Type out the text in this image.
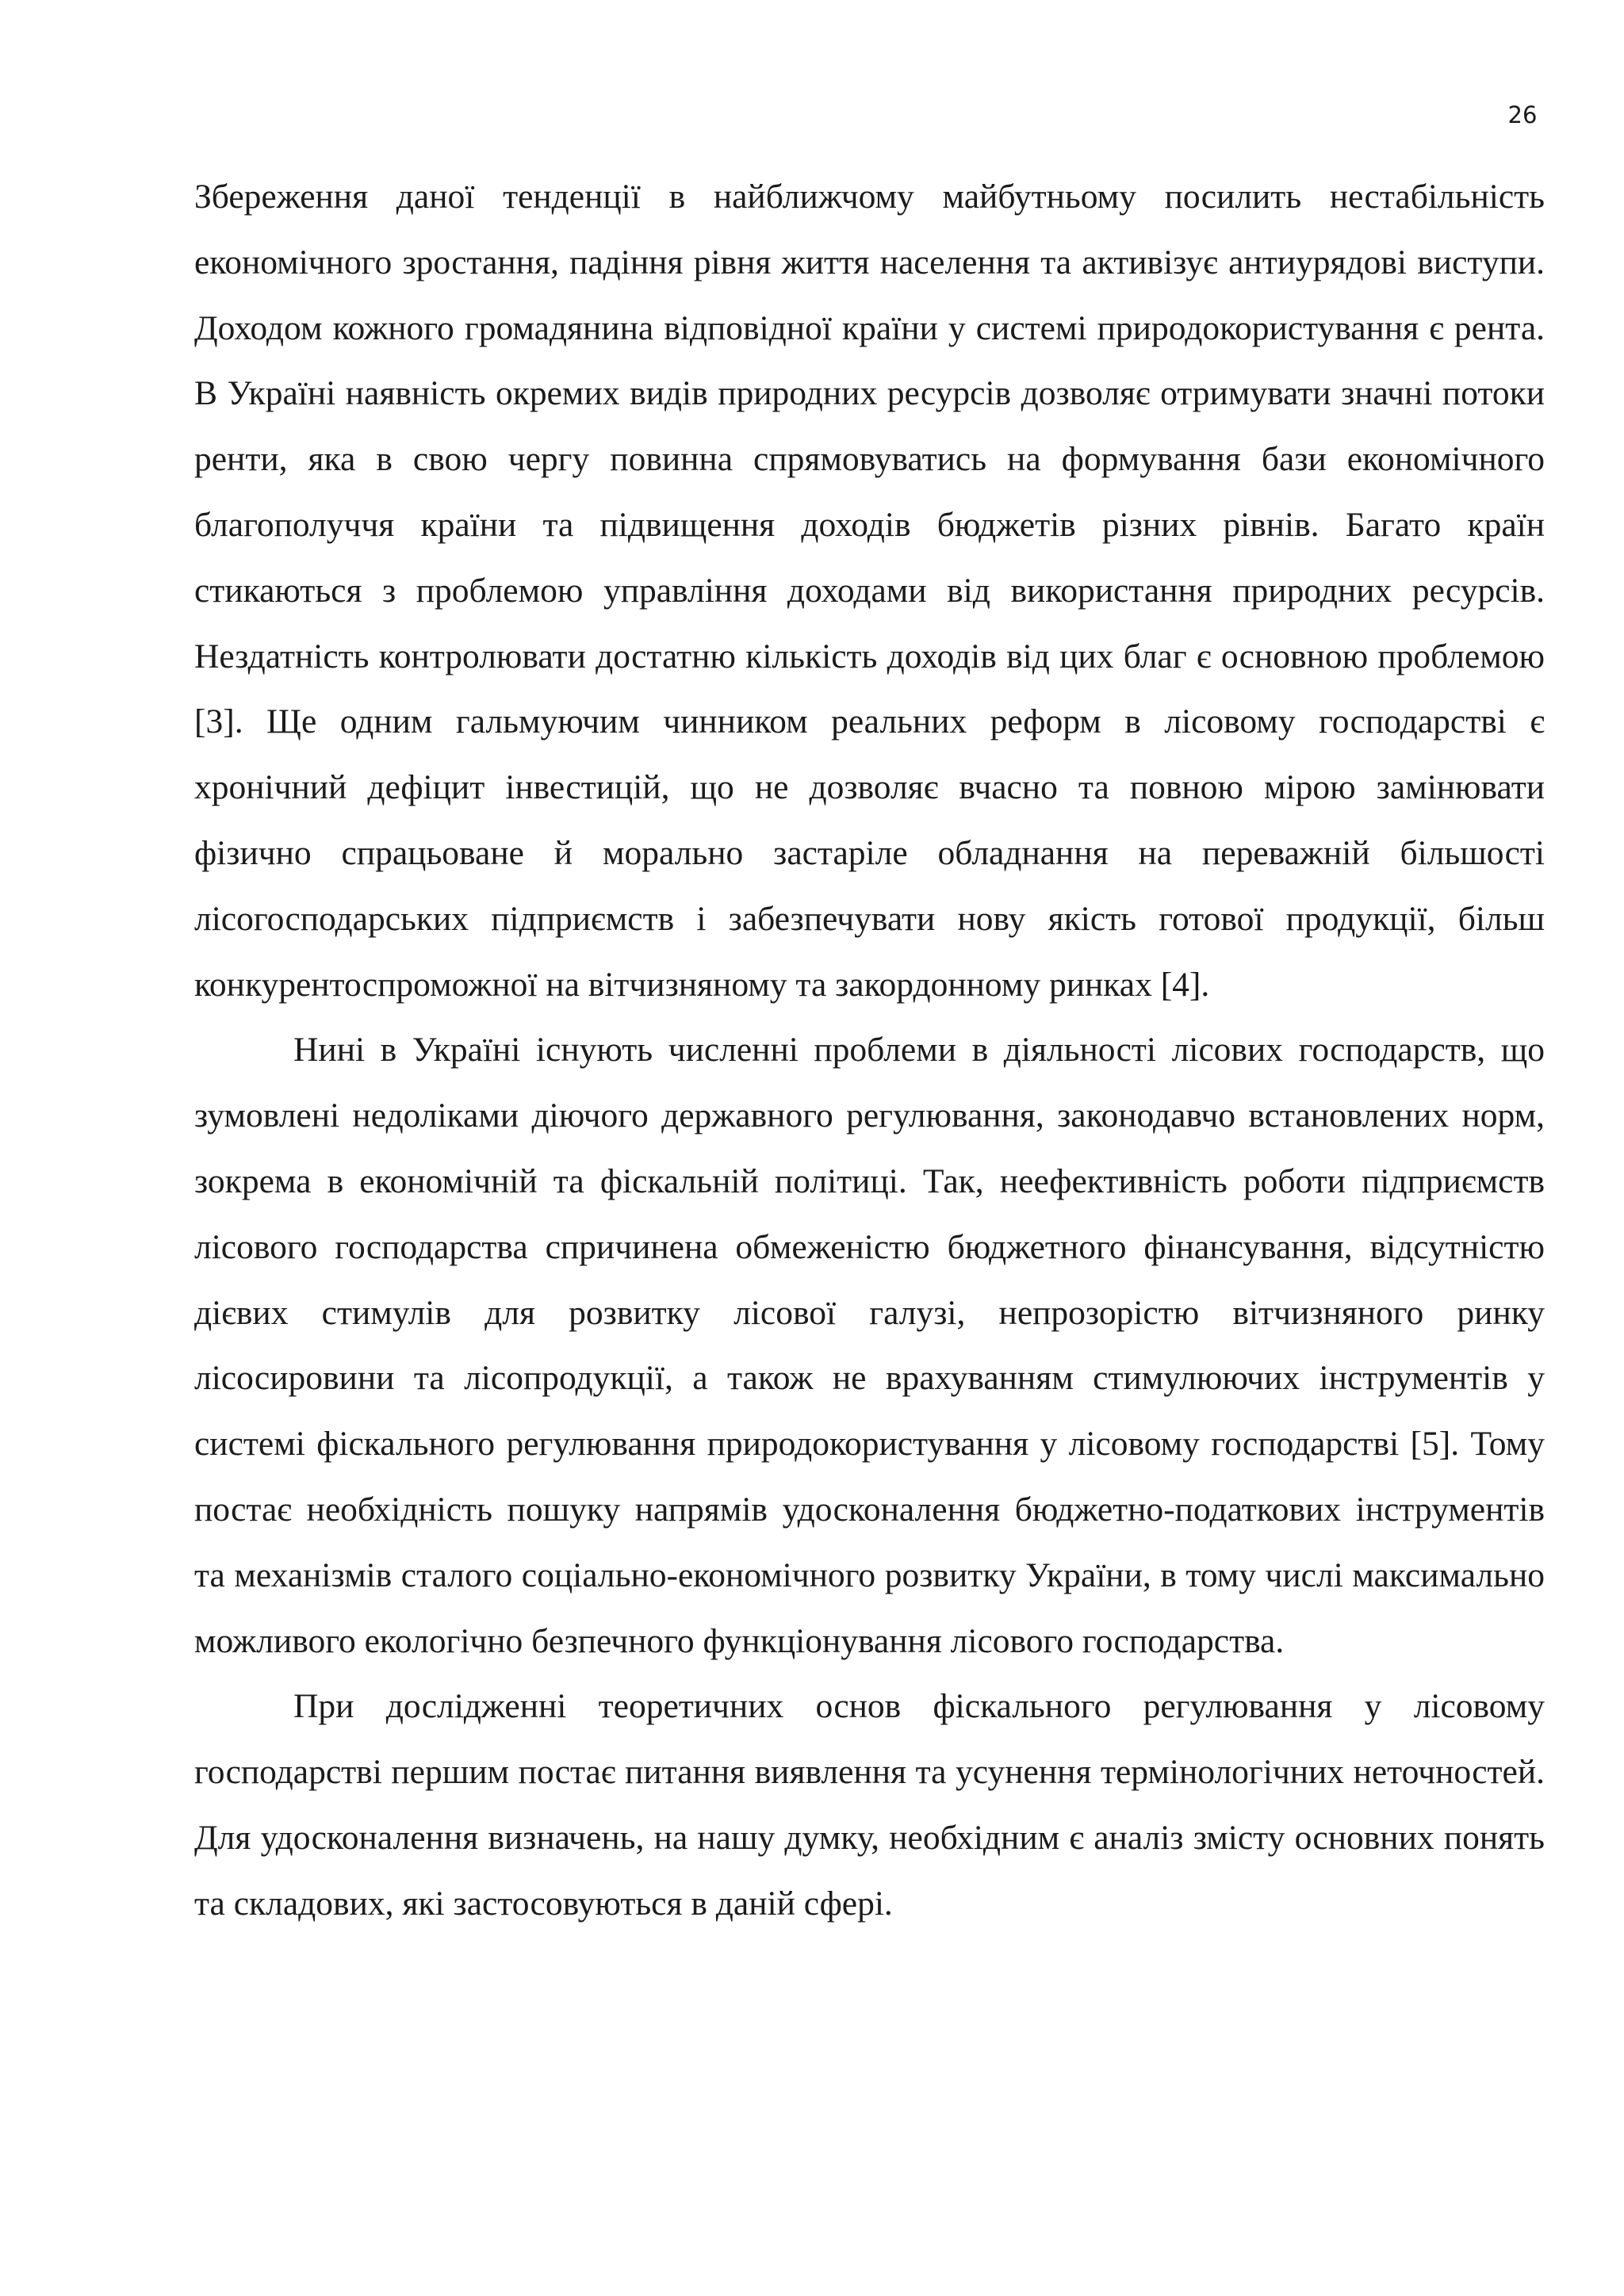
26

Збереження даної тенденції в найближчому майбутньому посилить нестабільність економічного зростання, падіння рівня життя населення та активізує антиурядові виступи. Доходом кожного громадянина відповідної країни у системі природокористування є рента. В Україні наявність окремих видів природних ресурсів дозволяє отримувати значні потоки ренти, яка в свою чергу повинна спрямовуватись на формування бази економічного благополуччя країни та підвищення доходів бюджетів різних рівнів. Багато країн стикаються з проблемою управління доходами від використання природних ресурсів. Нездатність контролювати достатню кількість доходів від цих благ є основною проблемою [3]. Ще одним гальмуючим чинником реальних реформ в лісовому господарстві є хронічний дефіцит інвестицій, що не дозволяє вчасно та повною мірою замінювати фізично спрацьоване й морально застаріле обладнання на переважній більшості лісогосподарських підприємств і забезпечувати нову якість готової продукції, більш конкурентоспроможної на вітчизняному та закордонному ринках [4].

Нині в Україні існують численні проблеми в діяльності лісових господарств, що зумовлені недоліками діючого державного регулювання, законодавчо встановлених норм, зокрема в економічній та фіскальній політиці. Так, неефективність роботи підприємств лісового господарства спричинена обмеженістю бюджетного фінансування, відсутністю дієвих стимулів для розвитку лісової галузі, непрозорістю вітчизняного ринку лісосировини та лісопродукції, а також не врахуванням стимулюючих інструментів у системі фіскального регулювання природокористування у лісовому господарстві [5]. Тому постає необхідність пошуку напрямів удосконалення бюджетно-податкових інструментів та механізмів сталого соціально-економічного розвитку України, в тому числі максимально можливого екологічно безпечного функціонування лісового господарства.

При дослідженні теоретичних основ фіскального регулювання у лісовому господарстві першим постає питання виявлення та усунення термінологічних неточностей. Для удосконалення визначень, на нашу думку, необхідним є аналіз змісту основних понять та складових, які застосовуються в даній сфері.
